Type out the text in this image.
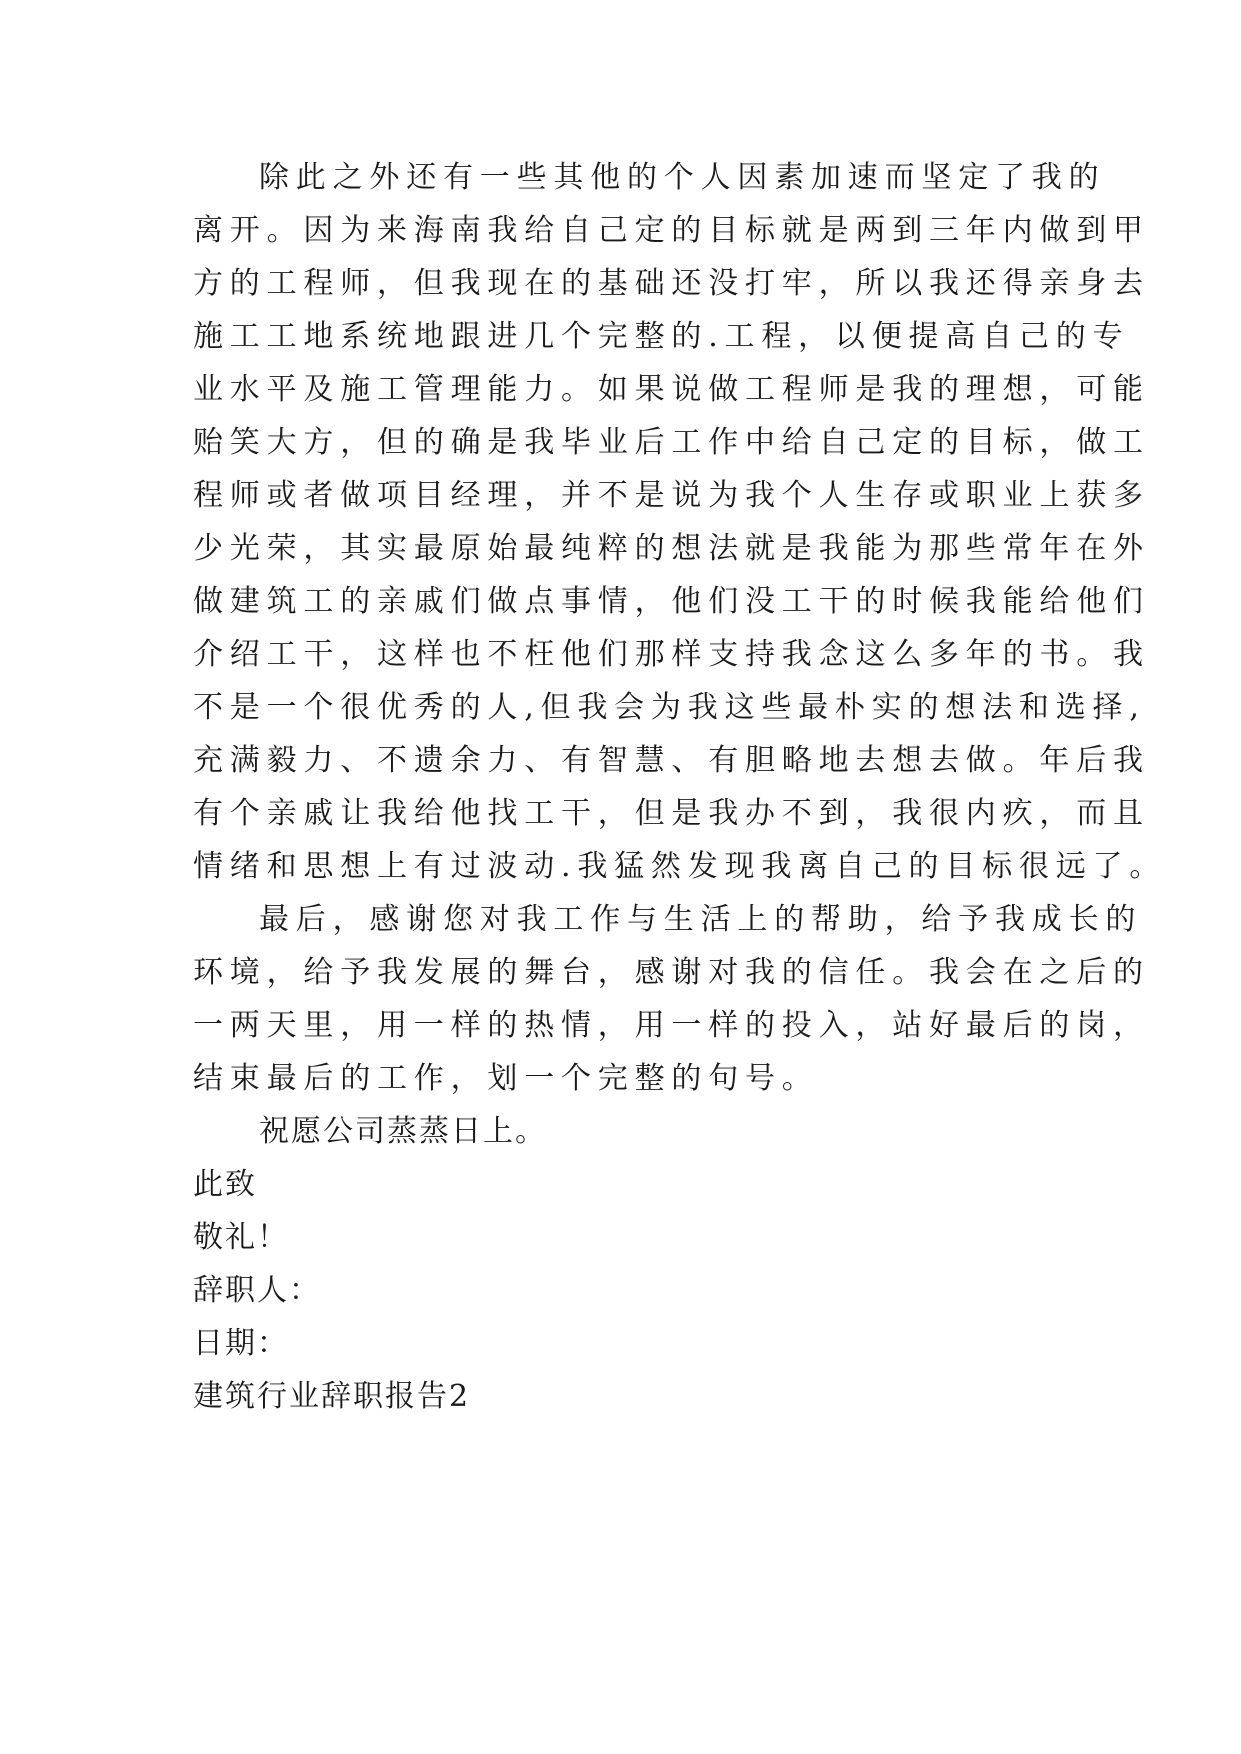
除此之外还有一些其他的个人因素加速而坚定了我的
离开。因为来海南我给自己定的目标就是两到三年内做到甲
方的工程师，但我现在的基础还没打牢，所以我还得亲身去
施工工地系统地跟进几个完整的.工程，以便提高自己的专
业水平及施工管理能力。如果说做工程师是我的理想，可能
贻笑大方，但的确是我毕业后工作中给自己定的目标，做工
程师或者做项目经理，并不是说为我个人生存或职业上获多
少光荣，其实最原始最纯粹的想法就是我能为那些常年在外
做建筑工的亲戚们做点事情，他们没工干的时候我能给他们
介绍工干，这样也不枉他们那样支持我念这么多年的书。我
不是一个很优秀的人,但我会为我这些最朴实的想法和选择,
充满毅力、不遗余力、有智慧、有胆略地去想去做。年后我
有个亲戚让我给他找工干，但是我办不到，我很内疚，而且
情绪和思想上有过波动.我猛然发现我离自己的目标很远了。
最后，感谢您对我工作与生活上的帮助，给予我成长的
环境，给予我发展的舞台，感谢对我的信任。我会在之后的
一两天里，用一样的热情，用一样的投入，站好最后的岗，
结束最后的工作，划一个完整的句号。
祝愿公司蒸蒸日上。
此致
敬礼！
辞职人：
日期：
建筑行业辞职报告2
